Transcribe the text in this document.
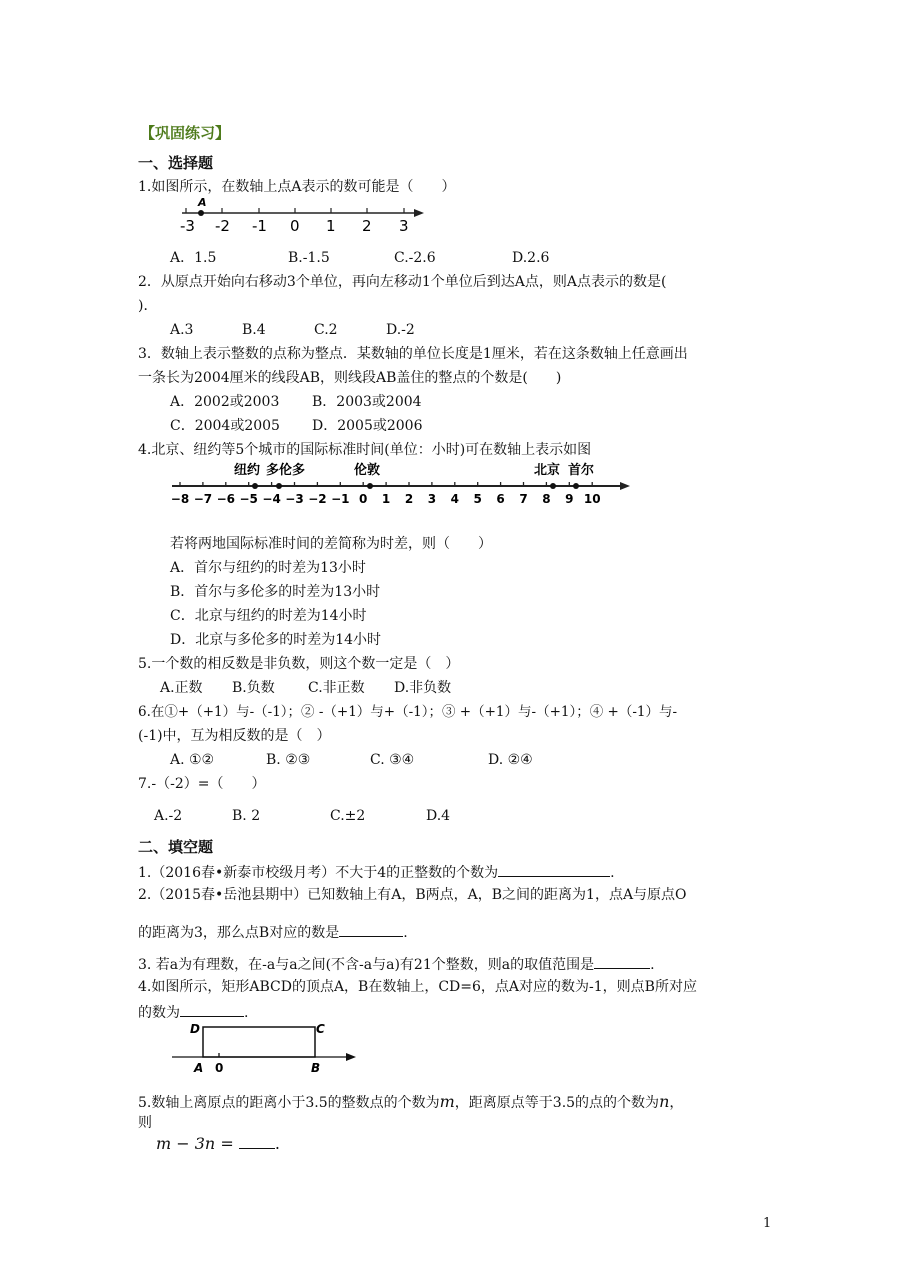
【巩固练习】
一、选择题
1.如图所示，在数轴上点A表示的数可能是（　　）
A
-3 -2 -1 0 1 2 3
A．1.5	B.-1.5	C.-2.6	D.2.6
2．从原点开始向右移动3个单位，再向左移动1个单位后到达A点，则A点表示的数是(
)．
A.3	B.4	C.2	D.-2
3．数轴上表示整数的点称为整点．某数轴的单位长度是1厘米，若在这条数轴上任意画出
一条长为2004厘米的线段AB，则线段AB盖住的整点的个数是(　　)
A．2002或2003 B．2003或2004
C．2004或2005 D．2005或2006
4.北京、纽约等5个城市的国际标准时间(单位：小时)可在数轴上表示如图
纽约 多伦多	伦敦	北京 首尔
−8 −7 −6 −5 −4 −3 −2 −1 0 1 2 3 4 5 6 7 8 9 10
若将两地国际标准时间的差简称为时差，则（　　）
A．首尔与纽约的时差为13小时
B．首尔与多伦多的时差为13小时
C．北京与纽约的时差为14小时
D．北京与多伦多的时差为14小时
5.一个数的相反数是非负数，则这个数一定是（　）
A.正数 B.负数 C.非正数 D.非负数
6.在①+（+1）与-（-1）；② -（+1）与+（-1）；③ +（+1）与-（+1）；④ +（-1）与-
(-1)中，互为相反数的是（　）
A. ①②	B. ②③	C. ③④	D. ②④
7.-（-2）=（　　）
A.-2	B. 2	C.±2	D.4
二、填空题
1.（2016春•新泰市校级月考）不大于4的正整数的个数为	.
2.（2015春•岳池县期中）已知数轴上有A，B两点，A，B之间的距离为1，点A与原点O
的距离为3，那么点B对应的数是	.
3. 若a为有理数，在-a与a之间(不含-a与a)有21个整数，则a的取值范围是	.
4.如图所示，矩形ABCD的顶点A，B在数轴上，CD=6，点A对应的数为-1，则点B所对应
的数为	.
D	C
A 0	B
5.数轴上离原点的距离小于3.5的整数点的个数为m，距离原点等于3.5的点的个数为n，
则
m − 3n =	.
1
